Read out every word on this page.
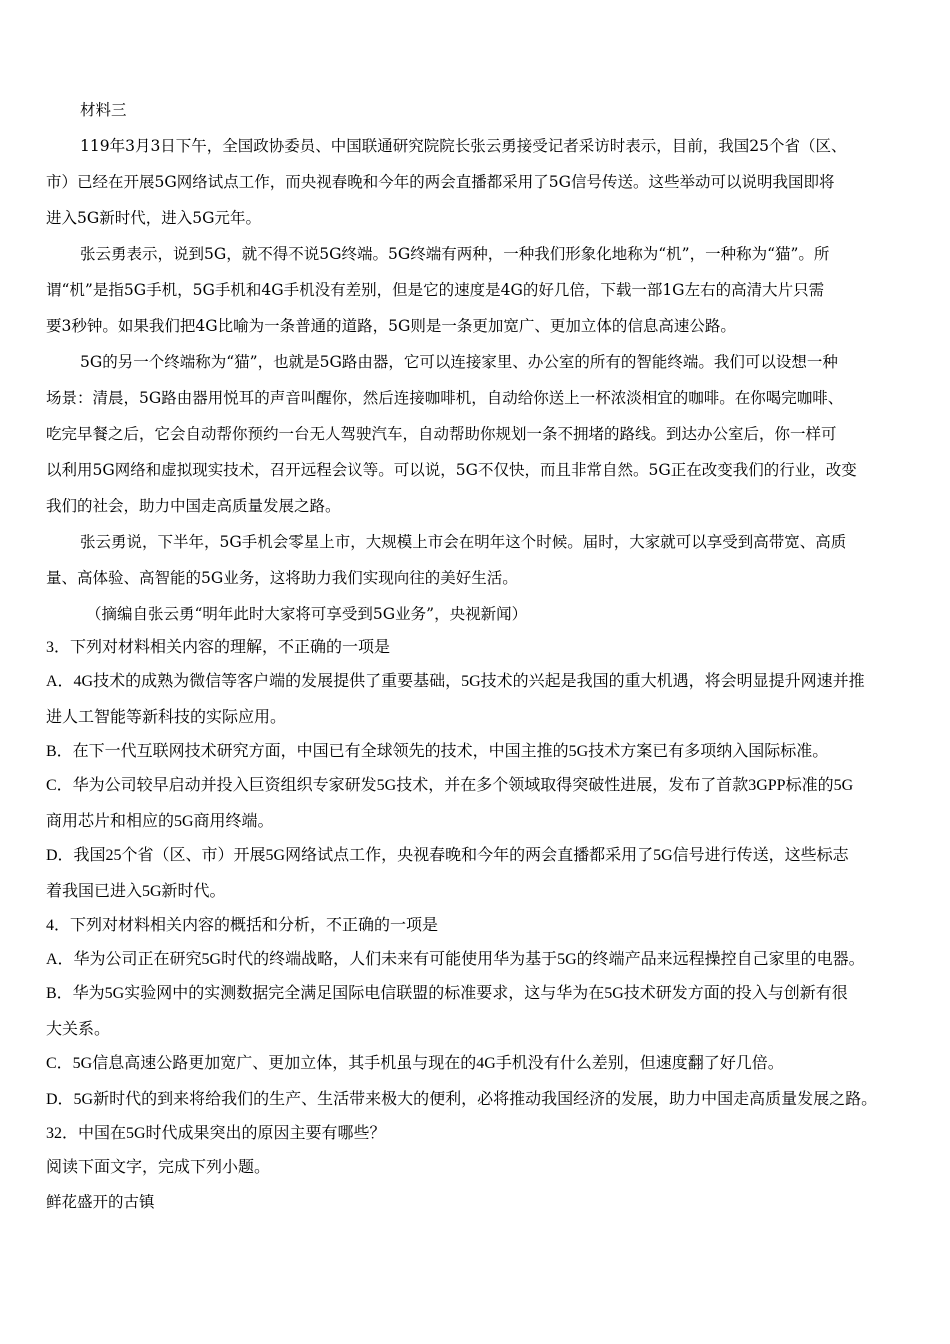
材料三
119年3月3日下午，全国政协委员、中国联通研究院院长张云勇接受记者采访时表示，目前，我国25个省（区、
市）已经在开展5G网络试点工作，而央视春晚和今年的两会直播都采用了5G信号传送。这些举动可以说明我国即将
进入5G新时代，进入5G元年。
张云勇表示，说到5G，就不得不说5G终端。5G终端有两种，一种我们形象化地称为“机”，一种称为“猫”。所
谓“机”是指5G手机，5G手机和4G手机没有差别，但是它的速度是4G的好几倍，下载一部1G左右的高清大片只需
要3秒钟。如果我们把4G比喻为一条普通的道路，5G则是一条更加宽广、更加立体的信息高速公路。
5G的另一个终端称为“猫”，也就是5G路由器，它可以连接家里、办公室的所有的智能终端。我们可以设想一种
场景：清晨，5G路由器用悦耳的声音叫醒你，然后连接咖啡机，自动给你送上一杯浓淡相宜的咖啡。在你喝完咖啡、
吃完早餐之后，它会自动帮你预约一台无人驾驶汽车，自动帮助你规划一条不拥堵的路线。到达办公室后，你一样可
以利用5G网络和虚拟现实技术，召开远程会议等。可以说，5G不仅快，而且非常自然。5G正在改变我们的行业，改变
我们的社会，助力中国走高质量发展之路。
张云勇说，下半年，5G手机会零星上市，大规模上市会在明年这个时候。届时，大家就可以享受到高带宽、高质
量、高体验、高智能的5G业务，这将助力我们实现向往的美好生活。
（摘编自张云勇“明年此时大家将可享受到5G业务”，央视新闻）
3．下列对材料相关内容的理解，不正确的一项是
A．4G技术的成熟为微信等客户端的发展提供了重要基础，5G技术的兴起是我国的重大机遇，将会明显提升网速并推
进人工智能等新科技的实际应用。
B．在下一代互联网技术研究方面，中国已有全球领先的技术，中国主推的5G技术方案已有多项纳入国际标准。
C．华为公司较早启动并投入巨资组织专家研发5G技术，并在多个领域取得突破性进展，发布了首款3GPP标准的5G
商用芯片和相应的5G商用终端。
D．我国25个省（区、市）开展5G网络试点工作，央视春晚和今年的两会直播都采用了5G信号进行传送，这些标志
着我国已进入5G新时代。
4．下列对材料相关内容的概括和分析，不正确的一项是
A．华为公司正在研究5G时代的终端战略，人们未来有可能使用华为基于5G的终端产品来远程操控自己家里的电器。
B．华为5G实验网中的实测数据完全满足国际电信联盟的标准要求，这与华为在5G技术研发方面的投入与创新有很
大关系。
C．5G信息高速公路更加宽广、更加立体，其手机虽与现在的4G手机没有什么差别，但速度翻了好几倍。
D．5G新时代的到来将给我们的生产、生活带来极大的便利，必将推动我国经济的发展，助力中国走高质量发展之路。
32．中国在5G时代成果突出的原因主要有哪些？
阅读下面文字，完成下列小题。
鲜花盛开的古镇
